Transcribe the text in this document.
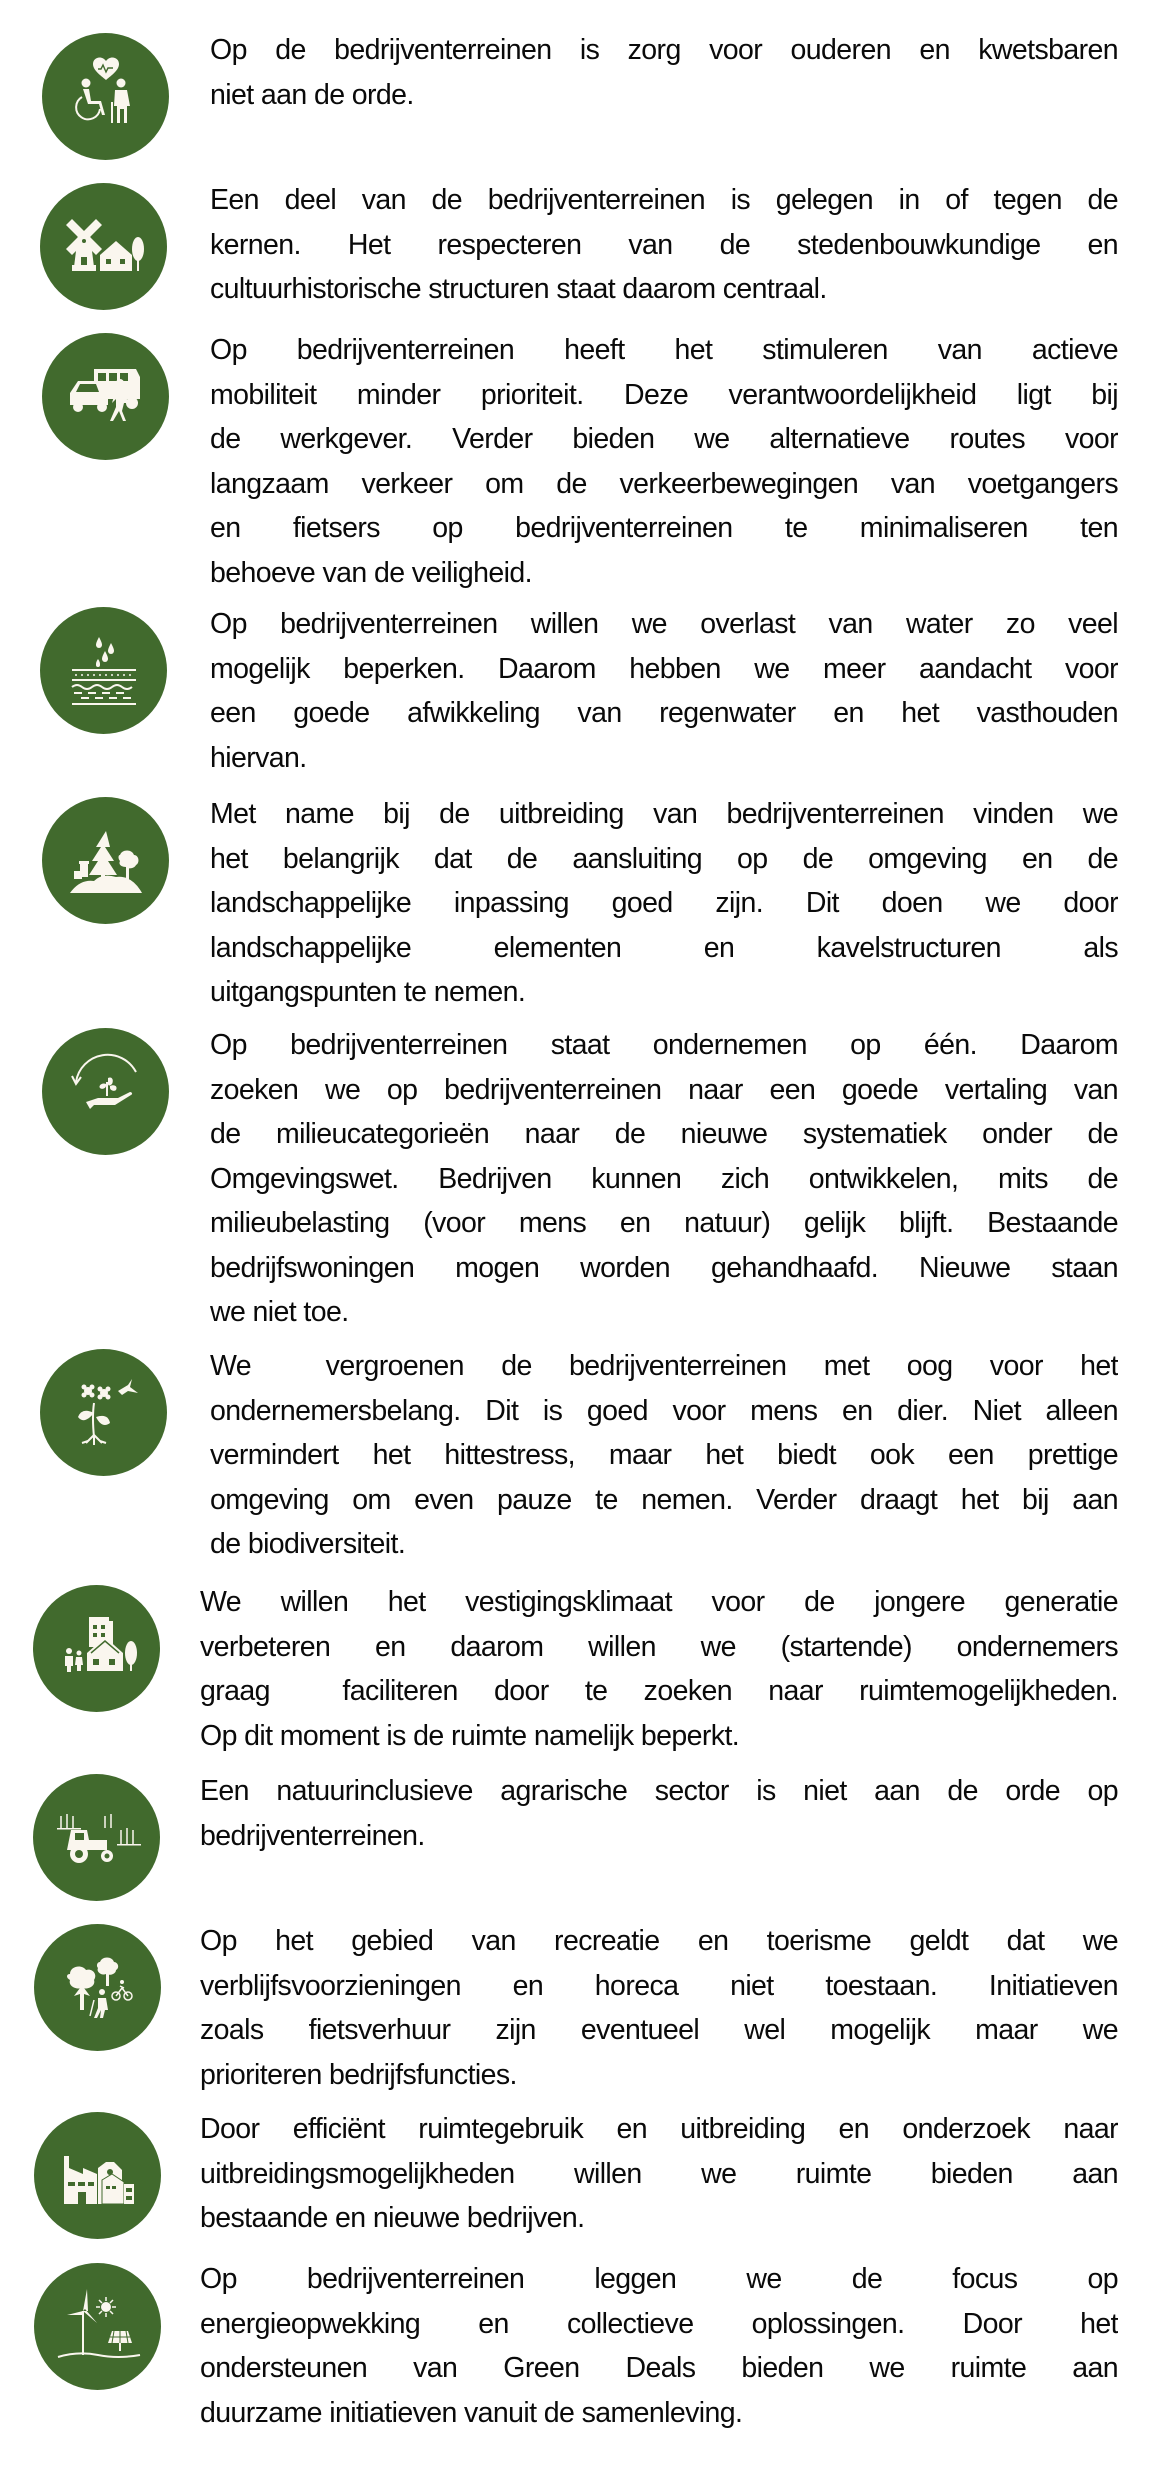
Op de bedrijventerreinen is zorg voor ouderen en kwetsbaren
niet aan de orde.
Een deel van de bedrijventerreinen is gelegen in of tegen de
kernen. Het respecteren van de stedenbouwkundige en
cultuurhistorische structuren staat daarom centraal.
Op bedrijventerreinen heeft het stimuleren van actieve
mobiliteit minder prioriteit. Deze verantwoordelijkheid ligt bij
de werkgever. Verder bieden we alternatieve routes voor
langzaam verkeer om de verkeerbewegingen van voetgangers
en fietsers op bedrijventerreinen te minimaliseren ten
behoeve van de veiligheid.
Op bedrijventerreinen willen we overlast van water zo veel
mogelijk beperken. Daarom hebben we meer aandacht voor
een goede afwikkeling van regenwater en het vasthouden
hiervan.
Met name bij de uitbreiding van bedrijventerreinen vinden we
het belangrijk dat de aansluiting op de omgeving en de
landschappelijke inpassing goed zijn. Dit doen we door
landschappelijke elementen en kavelstructuren als
uitgangspunten te nemen.
Op bedrijventerreinen staat ondernemen op één. Daarom
zoeken we op bedrijventerreinen naar een goede vertaling van
de milieucategorieën naar de nieuwe systematiek onder de
Omgevingswet. Bedrijven kunnen zich ontwikkelen, mits de
milieubelasting (voor mens en natuur) gelijk blijft. Bestaande
bedrijfswoningen mogen worden gehandhaafd. Nieuwe staan
we niet toe.
We  vergroenen de bedrijventerreinen met oog voor het
ondernemersbelang. Dit is goed voor mens en dier. Niet alleen
vermindert het hittestress, maar het biedt ook een prettige
omgeving om even pauze te nemen. Verder draagt het bij aan
de biodiversiteit.
We willen het vestigingsklimaat voor de jongere generatie
verbeteren en daarom willen we (startende) ondernemers
graag  faciliteren door te zoeken naar ruimtemogelijkheden.
Op dit moment is de ruimte namelijk beperkt.
Een natuurinclusieve agrarische sector is niet aan de orde op
bedrijventerreinen.
Op het gebied van recreatie en toerisme geldt dat we
verblijfsvoorzieningen en horeca niet toestaan. Initiatieven
zoals fietsverhuur zijn eventueel wel mogelijk maar we
prioriteren bedrijfsfuncties.
Door efficiënt ruimtegebruik en uitbreiding en onderzoek naar
uitbreidingsmogelijkheden willen we ruimte bieden aan
bestaande en nieuwe bedrijven.
Op bedrijventerreinen leggen we de focus op
energieopwekking en collectieve oplossingen. Door het
ondersteunen van Green Deals bieden we ruimte aan
duurzame initiatieven vanuit de samenleving.
